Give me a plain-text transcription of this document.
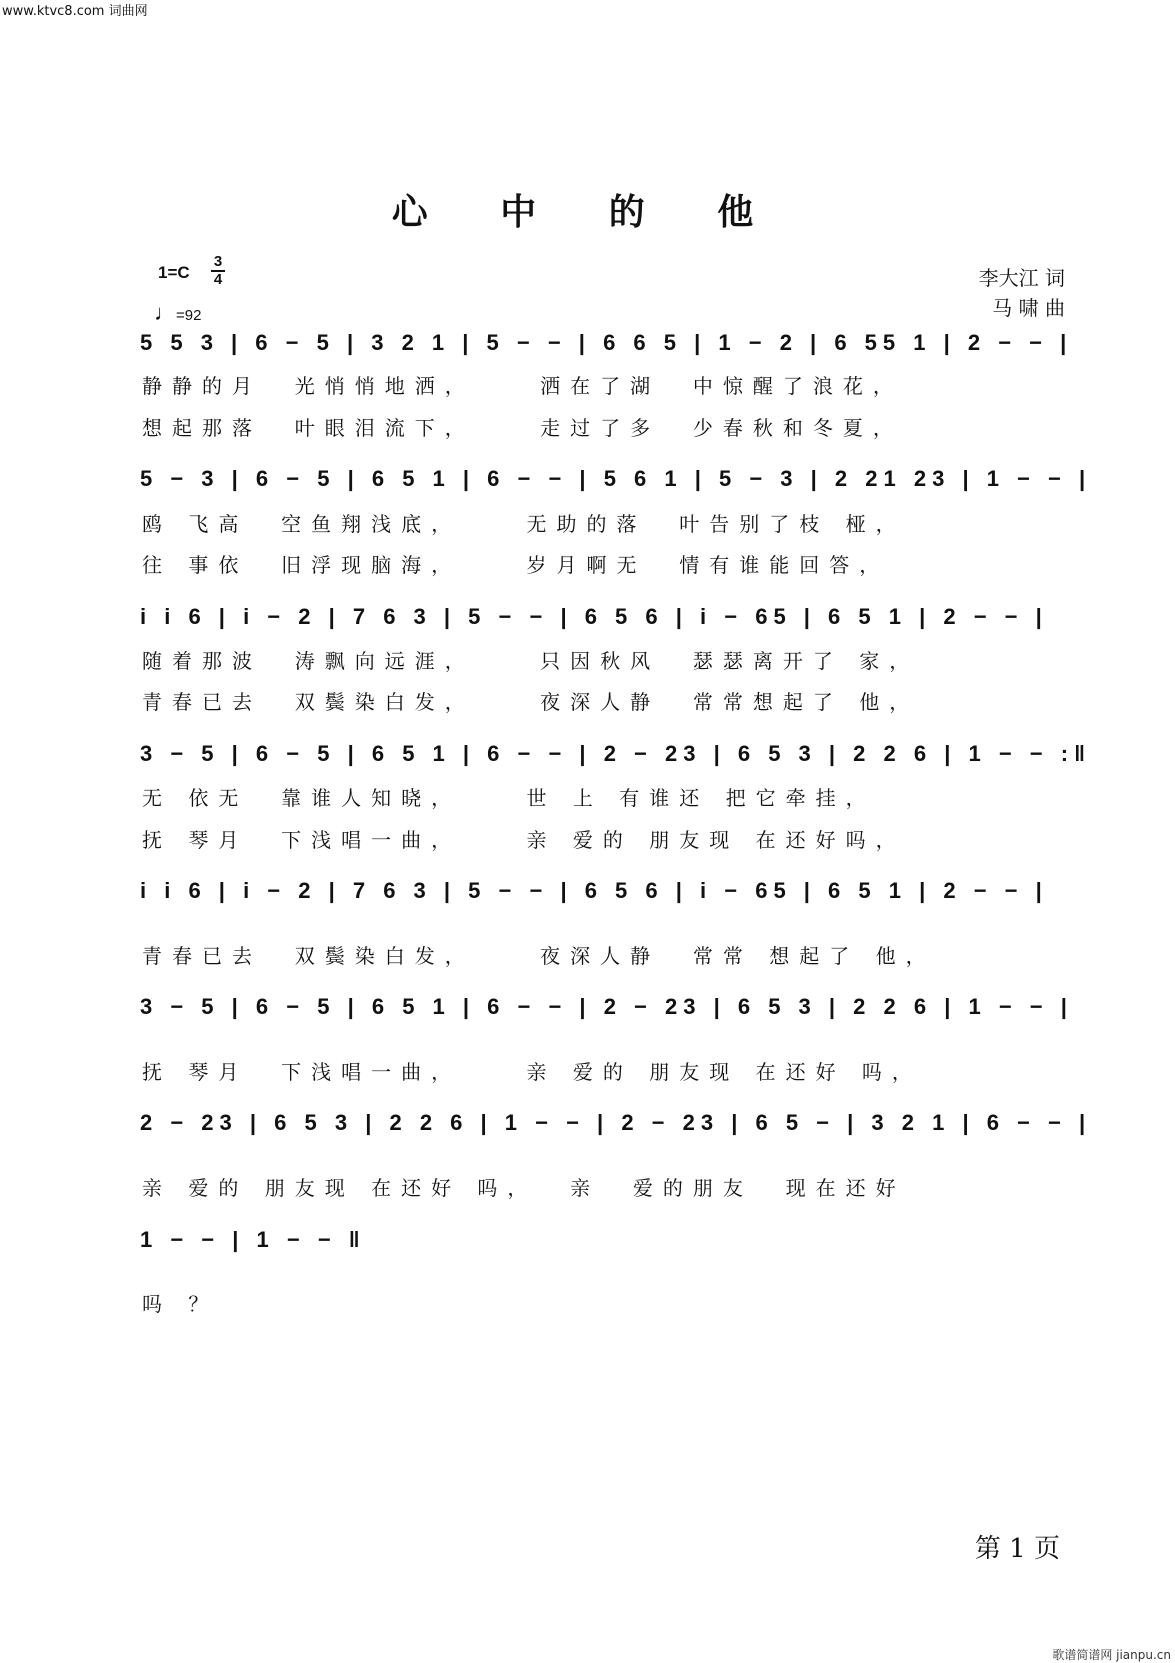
www.ktvc8.com 词曲网
心 中 的 他
1=C
3
4
♩=92
李大江 词
马 啸 曲
5 5 3 | 6 − 5 | 3 2 1 | 5 − − | 6 6 5 | 1 − 2 | 6 55 1 | 2 − − |
静静的月  光悄悄地洒，    洒在了湖  中惊醒了浪花，
想起那落  叶眼泪流下，    走过了多  少春秋和冬夏，
5 − 3 | 6 − 5 | 6 5 1 | 6 − − | 5 6 1 | 5 − 3 | 2 21 23 | 1 − − |
鸥 飞高  空鱼翔浅底，    无助的落  叶告别了枝 桠，
往 事依  旧浮现脑海，    岁月啊无  情有谁能回答，
i i 6 | i − 2 | 7 6 3 | 5 − − | 6 5 6 | i − 65 | 6 5 1 | 2 − − |
随着那波  涛飘向远涯，    只因秋风  瑟瑟离开了 家，
青春已去  双鬓染白发，    夜深人静  常常想起了 他，
3 − 5 | 6 − 5 | 6 5 1 | 6 − − | 2 − 23 | 6 5 3 | 2 2 6 | 1 − − :‖
无 依无  靠谁人知晓，    世 上 有谁还 把它牵挂，
抚 琴月  下浅唱一曲，    亲 爱的 朋友现 在还好吗，
i i 6 | i − 2 | 7 6 3 | 5 − − | 6 5 6 | i − 65 | 6 5 1 | 2 − − |
青春已去  双鬓染白发，    夜深人静  常常 想起了 他，
3 − 5 | 6 − 5 | 6 5 1 | 6 − − | 2 − 23 | 6 5 3 | 2 2 6 | 1 − − |
抚 琴月  下浅唱一曲，    亲 爱的 朋友现 在还好 吗，
2 − 23 | 6 5 3 | 2 2 6 | 1 − − | 2 − 23 | 6 5 − | 3 2 1 | 6 − − |
亲 爱的 朋友现 在还好 吗，  亲  爱的朋友  现在还好
1 − − | 1 − − ‖
吗 ？
第 1 页
歌谱简谱网 jianpu.cn
